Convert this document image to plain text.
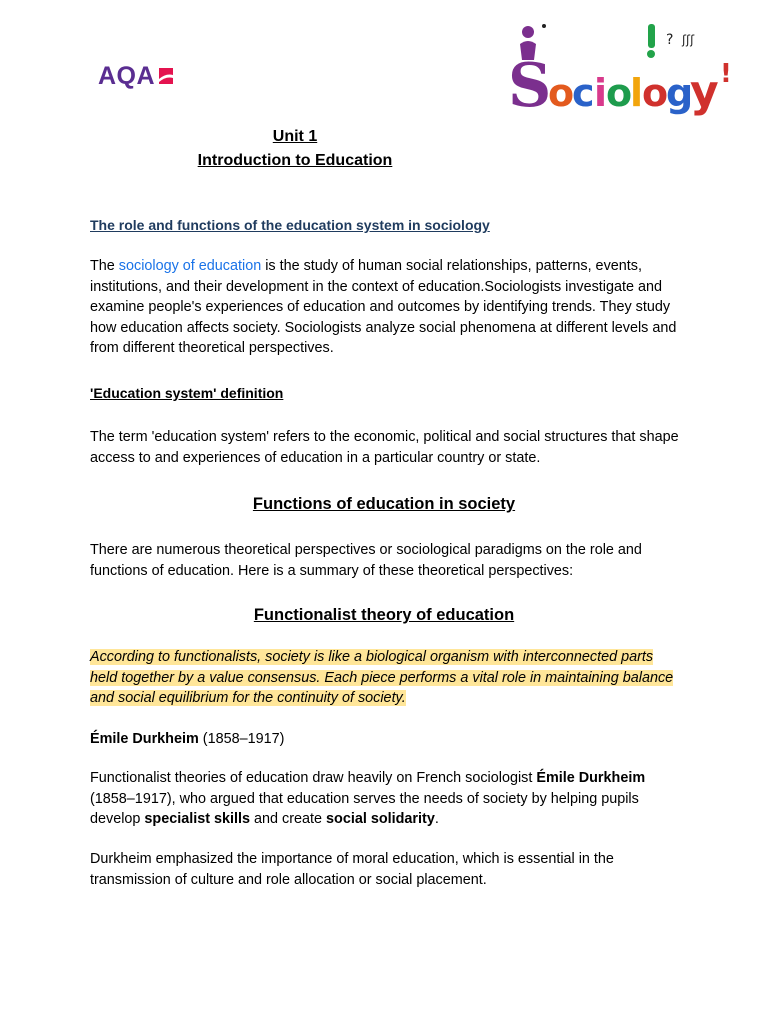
AQA
? ʃʃʃ
S
o
c i
o
l
o
g
y !
Unit 1
Introduction to Education
The role and functions of the education system in sociology

The sociology of education is the study of human social relationships, patterns, events, institutions, and their development in the context of education.Sociologists investigate and examine people's experiences of education and outcomes by identifying trends. They study how education affects society. Sociologists analyze social phenomena at different levels and from different theoretical perspectives.

'Education system' definition

The term 'education system' refers to the economic, political and social structures that shape access to and experiences of education in a particular country or state.

Functions of education in society

There are numerous theoretical perspectives or sociological paradigms on the role and functions of education. Here is a summary of these theoretical perspectives:

Functionalist theory of education

According to functionalists, society is like a biological organism with interconnected parts held together by a value consensus. Each piece performs a vital role in maintaining balance and social equilibrium for the continuity of society.

Émile Durkheim (1858–1917)

Functionalist theories of education draw heavily on French sociologist Émile Durkheim (1858–1917), who argued that education serves the needs of society by helping pupils develop specialist skills and create social solidarity.

Durkheim emphasized the importance of moral education, which is essential in the transmission of culture and role allocation or social placement.
